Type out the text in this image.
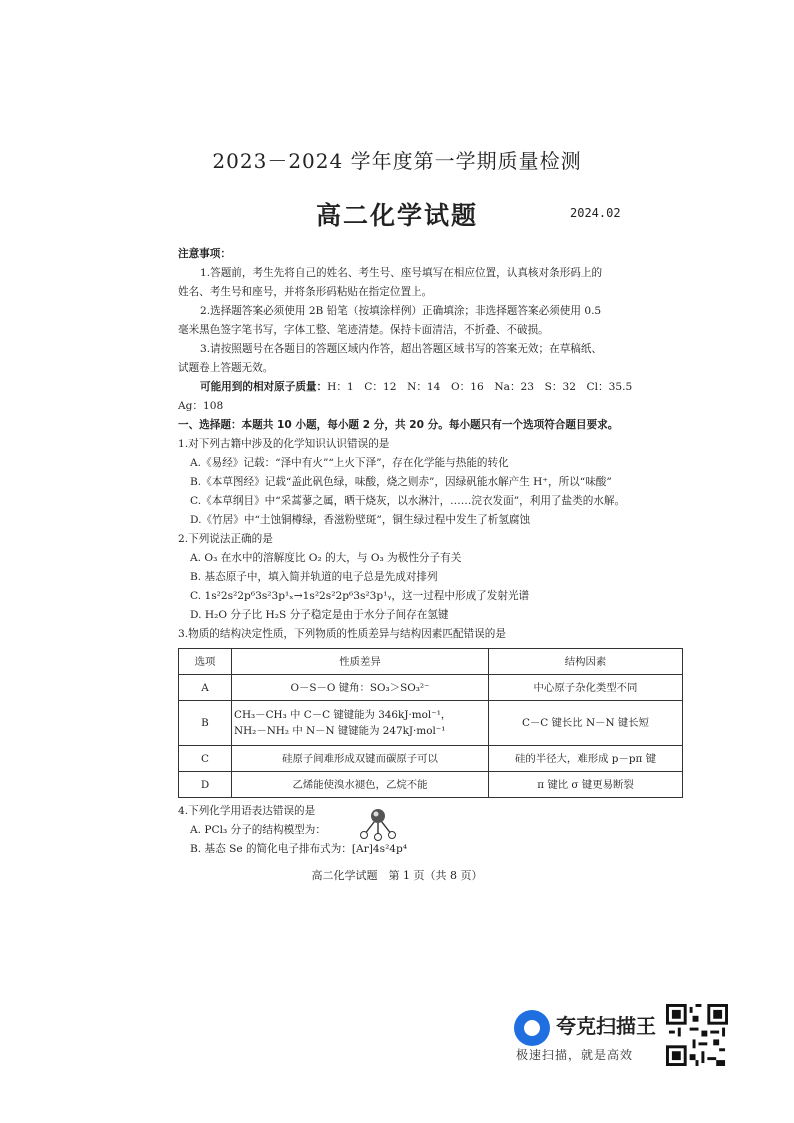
2023－2024 学年度第一学期质量检测
高二化学试题	2024.02

注意事项：

1.答题前，考生先将自己的姓名、考生号、座号填写在相应位置，认真核对条形码上的

姓名、考生号和座号，并将条形码粘贴在指定位置上。

2.选择题答案必须使用 2B 铅笔（按填涂样例）正确填涂；非选择题答案必须使用 0.5

毫米黑色签字笔书写，字体工整、笔迹清楚。保持卡面清洁，不折叠、不破损。

3.请按照题号在各题目的答题区域内作答，超出答题区域书写的答案无效；在草稿纸、

试题卷上答题无效。

可能用到的相对原子质量：H：1　C：12　N：14　O：16　Na：23　S：32　Cl：35.5

Ag：108

一、选择题：本题共 10 小题，每小题 2 分，共 20 分。每小题只有一个选项符合题目要求。

1.对下列古籍中涉及的化学知识认识错误的是

A.《易经》记载：“泽中有火”“上火下泽”，存在化学能与热能的转化

B.《本草图经》记载“盖此矾色绿，味酸，烧之则赤”，因绿矾能水解产生 H⁺，所以“味酸”

C.《本草纲目》中“采蒿蓼之属，晒干烧灰，以水淋汁，……浣衣发面”，利用了盐类的水解。

D.《竹居》中“土蚀铜樽绿，香滋粉壁斑”，铜生绿过程中发生了析氢腐蚀

2.下列说法正确的是

A. O₃ 在水中的溶解度比 O₂ 的大，与 O₃ 为极性分子有关

B. 基态原子中，填入简并轨道的电子总是先成对排列

C. 1s²2s²2p⁶3s²3p¹ₓ→1s²2s²2p⁶3s²3p¹ᵧ，这一过程中形成了发射光谱

D. H₂O 分子比 H₂S 分子稳定是由于水分子间存在氢键

3.物质的结构决定性质，下列物质的性质差异与结构因素匹配错误的是

选项	性质差异	结构因素
A	O－S－O 键角：SO₃＞SO₃²⁻	中心原子杂化类型不同
B	CH₃－CH₃ 中 C－C 键键能为 346kJ·mol⁻¹，
NH₂－NH₂ 中 N－N 键键能为 247kJ·mol⁻¹	C－C 键长比 N－N 键长短
C	硅原子间难形成双键而碳原子可以	硅的半径大，难形成 p－pπ 键
D	乙烯能使溴水褪色，乙烷不能	π 键比 σ 键更易断裂

4.下列化学用语表达错误的是

A. PCl₃ 分子的结构模型为：

B. 基态 Se 的简化电子排布式为：[Ar]4s²4p⁴

高二化学试题　第 1 页（共 8 页）
夸克扫描王
极速扫描，就是高效
